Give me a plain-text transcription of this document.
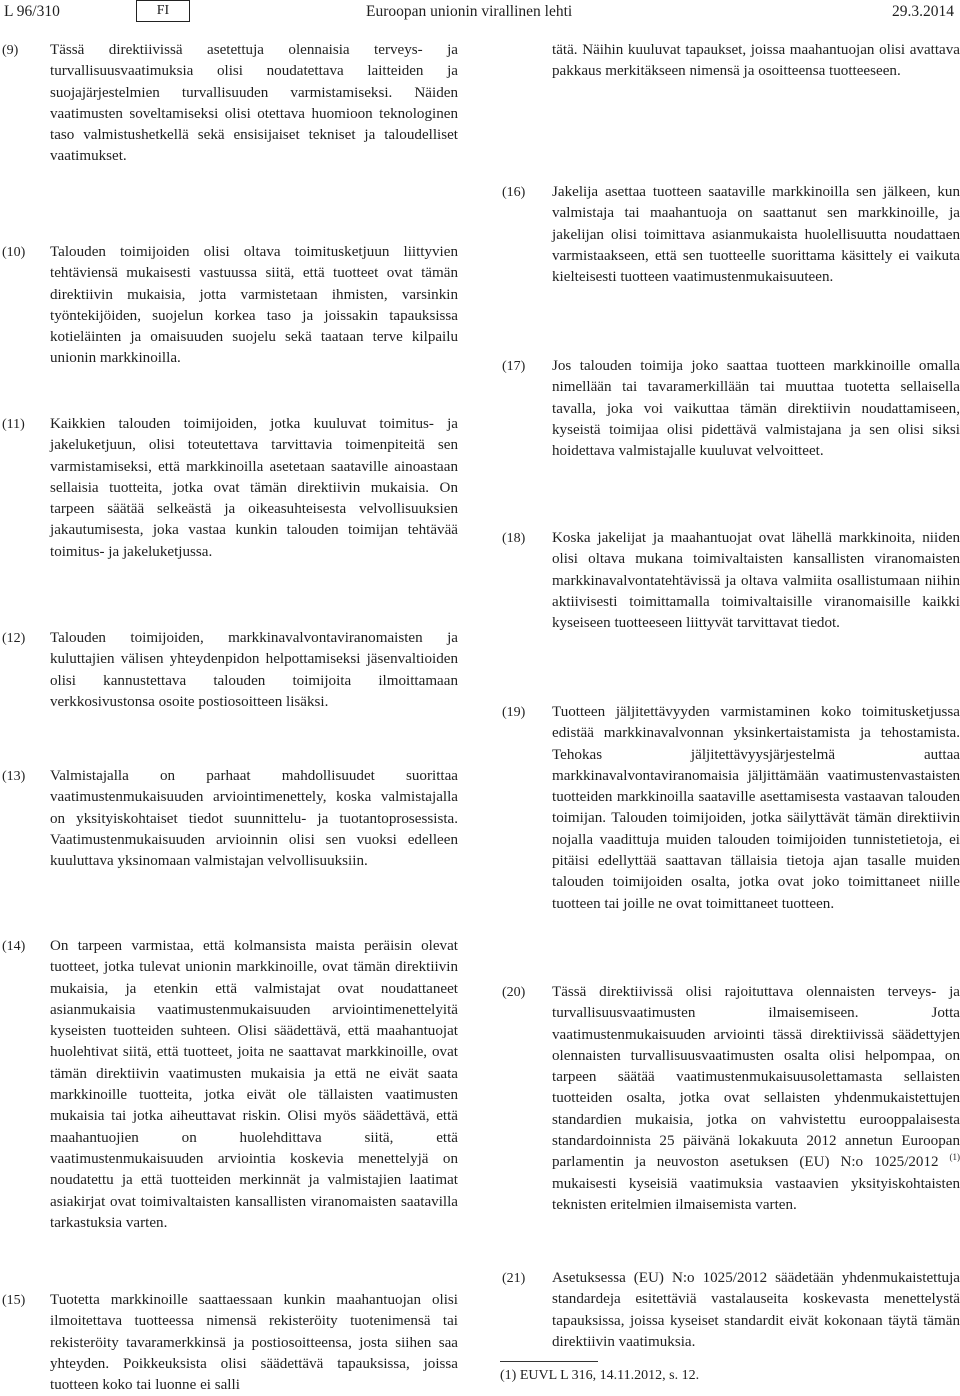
L 96/310	FI	Euroopan unionin virallinen lehti	29.3.2014
(9) Tässä direktiivissä asetettuja olennaisia terveys- ja turvallisuusvaatimuksia olisi noudatettava laitteiden ja suojajärjestelmien turvallisuuden varmistamiseksi. Näiden vaatimusten soveltamiseksi olisi otettava huomioon teknologinen taso valmistushetkellä sekä ensisijaiset tekniset ja taloudelliset vaatimukset.
(10) Talouden toimijoiden olisi oltava toimitusketjuun liittyvien tehtäviensä mukaisesti vastuussa siitä, että tuotteet ovat tämän direktiivin mukaisia, jotta varmistetaan ihmisten, varsinkin työntekijöiden, suojelun korkea taso ja joissakin tapauksissa kotieläinten ja omaisuuden suojelu sekä taataan terve kilpailu unionin markkinoilla.
(11) Kaikkien talouden toimijoiden, jotka kuuluvat toimitus- ja jakeluketjuun, olisi toteutettava tarvittavia toimenpiteitä sen varmistamiseksi, että markkinoilla asetetaan saataville ainoastaan sellaisia tuotteita, jotka ovat tämän direktiivin mukaisia. On tarpeen säätää selkeästä ja oikeasuhteisesta velvollisuuksien jakautumisesta, joka vastaa kunkin talouden toimijan tehtävää toimitus- ja jakeluketjussa.
(12) Talouden toimijoiden, markkinavalvontaviranomaisten ja kuluttajien välisen yhteydenpidon helpottamiseksi jäsenvaltioiden olisi kannustettava talouden toimijoita ilmoittamaan verkkosivustonsa osoite postiosoitteen lisäksi.
(13) Valmistajalla on parhaat mahdollisuudet suorittaa vaatimustenmukaisuuden arviointimenettely, koska valmistajalla on yksityiskohtaiset tiedot suunnittelu- ja tuotantoprosessista. Vaatimustenmukaisuuden arvioinnin olisi sen vuoksi edelleen kuuluttava yksinomaan valmistajan velvollisuuksiin.
(14) On tarpeen varmistaa, että kolmansista maista peräisin olevat tuotteet, jotka tulevat unionin markkinoille, ovat tämän direktiivin mukaisia, ja etenkin että valmistajat ovat noudattaneet asianmukaisia vaatimustenmukaisuuden arviointimenettelyitä kyseisten tuotteiden suhteen. Olisi säädettävä, että maahantuojat huolehtivat siitä, että tuotteet, joita ne saattavat markkinoille, ovat tämän direktiivin vaatimusten mukaisia ja että ne eivät saata markkinoille tuotteita, jotka eivät ole tällaisten vaatimusten mukaisia tai jotka aiheuttavat riskin. Olisi myös säädettävä, että maahantuojien on huolehdittava siitä, että vaatimustenmukaisuuden arviointia koskevia menettelyjä on noudatettu ja että tuotteiden merkinnät ja valmistajien laatimat asiakirjat ovat toimivaltaisten kansallisten viranomaisten saatavilla tarkastuksia varten.
(15) Tuotetta markkinoille saattaessaan kunkin maahantuojan olisi ilmoitettava tuotteessa nimensä rekisteröity tuotenimensä tai rekisteröity tavaramerkkinsä ja postiosoitteensa, josta siihen saa yhteyden. Poikkeuksista olisi säädettävä tapauksissa, joissa tuotteen koko tai luonne ei salli
tätä. Näihin kuuluvat tapaukset, joissa maahantuojan olisi avattava pakkaus merkitäkseen nimensä ja osoitteensa tuotteeseen.
(16) Jakelija asettaa tuotteen saataville markkinoilla sen jälkeen, kun valmistaja tai maahantuoja on saattanut sen markkinoille, ja jakelijan olisi toimittava asianmukaista huolellisuutta noudattaen varmistaakseen, että sen tuotteelle suorittama käsittely ei vaikuta kielteisesti tuotteen vaatimustenmukaisuuteen.
(17) Jos talouden toimija joko saattaa tuotteen markkinoille omalla nimellään tai tavaramerkillään tai muuttaa tuotetta sellaisella tavalla, joka voi vaikuttaa tämän direktiivin noudattamiseen, kyseistä toimijaa olisi pidettävä valmistajana ja sen olisi siksi hoidettava valmistajalle kuuluvat velvoitteet.
(18) Koska jakelijat ja maahantuojat ovat lähellä markkinoita, niiden olisi oltava mukana toimivaltaisten kansallisten viranomaisten markkinavalvontatehtävissä ja oltava valmiita osallistumaan niihin aktiivisesti toimittamalla toimivaltaisille viranomaisille kaikki kyseiseen tuotteeseen liittyvät tarvittavat tiedot.
(19) Tuotteen jäljitettävyyden varmistaminen koko toimitusketjussa edistää markkinavalvonnan yksinkertaistamista ja tehostamista. Tehokas jäljitettävyysjärjestelmä auttaa markkinavalvontaviranomaisia jäljittämään vaatimustenvastaisten tuotteiden markkinoilla saataville asettamisesta vastaavan talouden toimijan. Talouden toimijoiden, jotka säilyttävät tämän direktiivin nojalla vaadittuja muiden talouden toimijoiden tunnistetietoja, ei pitäisi edellyttää saattavan tällaisia tietoja ajan tasalle muiden talouden toimijoiden osalta, jotka ovat joko toimittaneet niille tuotteen tai joille ne ovat toimittaneet tuotteen.
(20) Tässä direktiivissä olisi rajoituttava olennaisten terveys- ja turvallisuusvaatimusten ilmaisemiseen. Jotta vaatimustenmukaisuuden arviointi tässä direktiivissä säädettyjen olennaisten turvallisuusvaatimusten osalta olisi helpompaa, on tarpeen säätää vaatimustenmukaisuusolettamasta sellaisten tuotteiden osalta, jotka ovat sellaisten yhdenmukaistettujen standardien mukaisia, jotka on vahvistettu eurooppalaisesta standardoinnista 25 päivänä lokakuuta 2012 annetun Euroopan parlamentin ja neuvoston asetuksen (EU) N:o 1025/2012 $^{(1)}$ mukaisesti kyseisiä vaatimuksia vastaavien yksityiskohtaisten teknisten eritelmien ilmaisemista varten.
(21) Asetuksessa (EU) N:o 1025/2012 säädetään yhdenmukaistettuja standardeja esitettäviä vastalauseita koskevasta menettelystä tapauksissa, joissa kyseiset standardit eivät kokonaan täytä tämän direktiivin vaatimuksia.
(1) EUVL L 316, 14.11.2012, s. 12.
